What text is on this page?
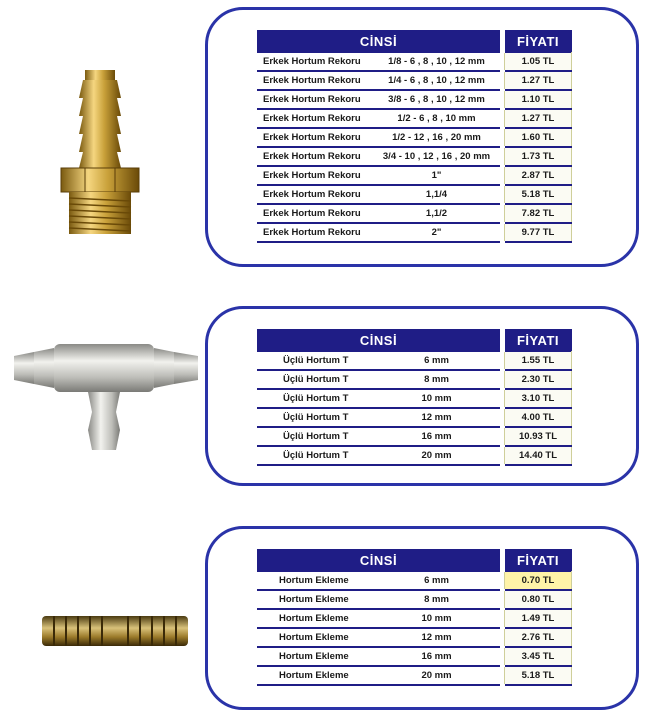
CİNSİ			FİYATI
Erkek Hortum Rekoru	1/8 - 6 , 8 , 10 , 12 mm		1.05 TL
Erkek Hortum Rekoru	1/4 - 6 , 8 , 10 , 12 mm		1.27 TL
Erkek Hortum Rekoru	3/8 - 6 , 8 , 10 , 12 mm		1.10 TL
Erkek Hortum Rekoru	1/2 - 6 , 8 , 10 mm		1.27 TL
Erkek Hortum Rekoru	1/2 - 12 , 16 , 20 mm		1.60 TL
Erkek Hortum Rekoru	3/4 - 10 , 12 , 16 , 20 mm		1.73 TL
Erkek Hortum Rekoru	1"		2.87 TL
Erkek Hortum Rekoru	1,1/4		5.18 TL
Erkek Hortum Rekoru	1,1/2		7.82 TL
Erkek Hortum Rekoru	2"		9.77 TL
CİNSİ			FİYATI
Üçlü Hortum T	6 mm		1.55 TL
Üçlü Hortum T	8 mm		2.30 TL
Üçlü Hortum T	10 mm		3.10 TL
Üçlü Hortum T	12 mm		4.00 TL
Üçlü Hortum T	16 mm		10.93 TL
Üçlü Hortum T	20 mm		14.40 TL
CİNSİ			FİYATI
Hortum Ekleme	6 mm		0.70 TL
Hortum Ekleme	8 mm		0.80 TL
Hortum Ekleme	10 mm		1.49 TL
Hortum Ekleme	12 mm		2.76 TL
Hortum Ekleme	16 mm		3.45 TL
Hortum Ekleme	20 mm		5.18 TL
